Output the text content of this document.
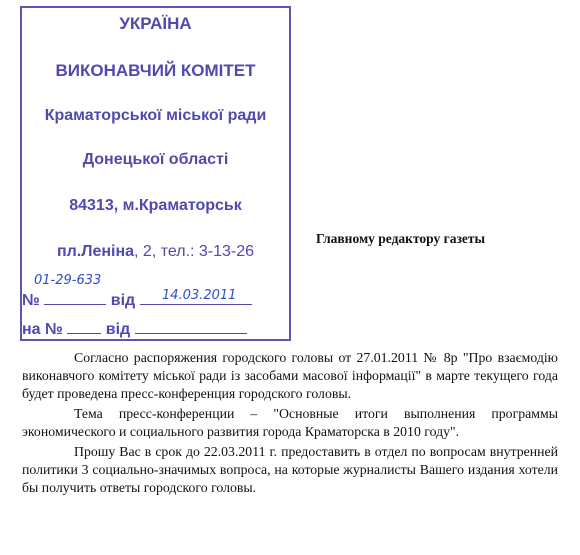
УКРАЇНА
ВИКОНАВЧИЙ КОМІТЕТ
Краматорської міської ради
Донецької області
84313, м.Краматорськ
пл.Леніна, 2, тел.: 3-13-26
01-29-633
№	від	14.03.2011
на №	від
Главному редактору газеты

Согласно распоряжения городского головы от 27.01.2011 № 8р "Про взаємодію виконавчого комітету міської ради із засобами масової інформації" в марте текущего года будет проведена пресс-конференция городского головы.

Тема пресс-конференции – "Основные итоги выполнения программы экономического и социального развития города Краматорска в 2010 году".

Прошу Вас в срок до 22.03.2011 г. предоставить в отдел по вопросам внутренней политики 3 социально-значимых вопроса, на которые журналисты Вашего издания хотели бы получить ответы городского головы.
